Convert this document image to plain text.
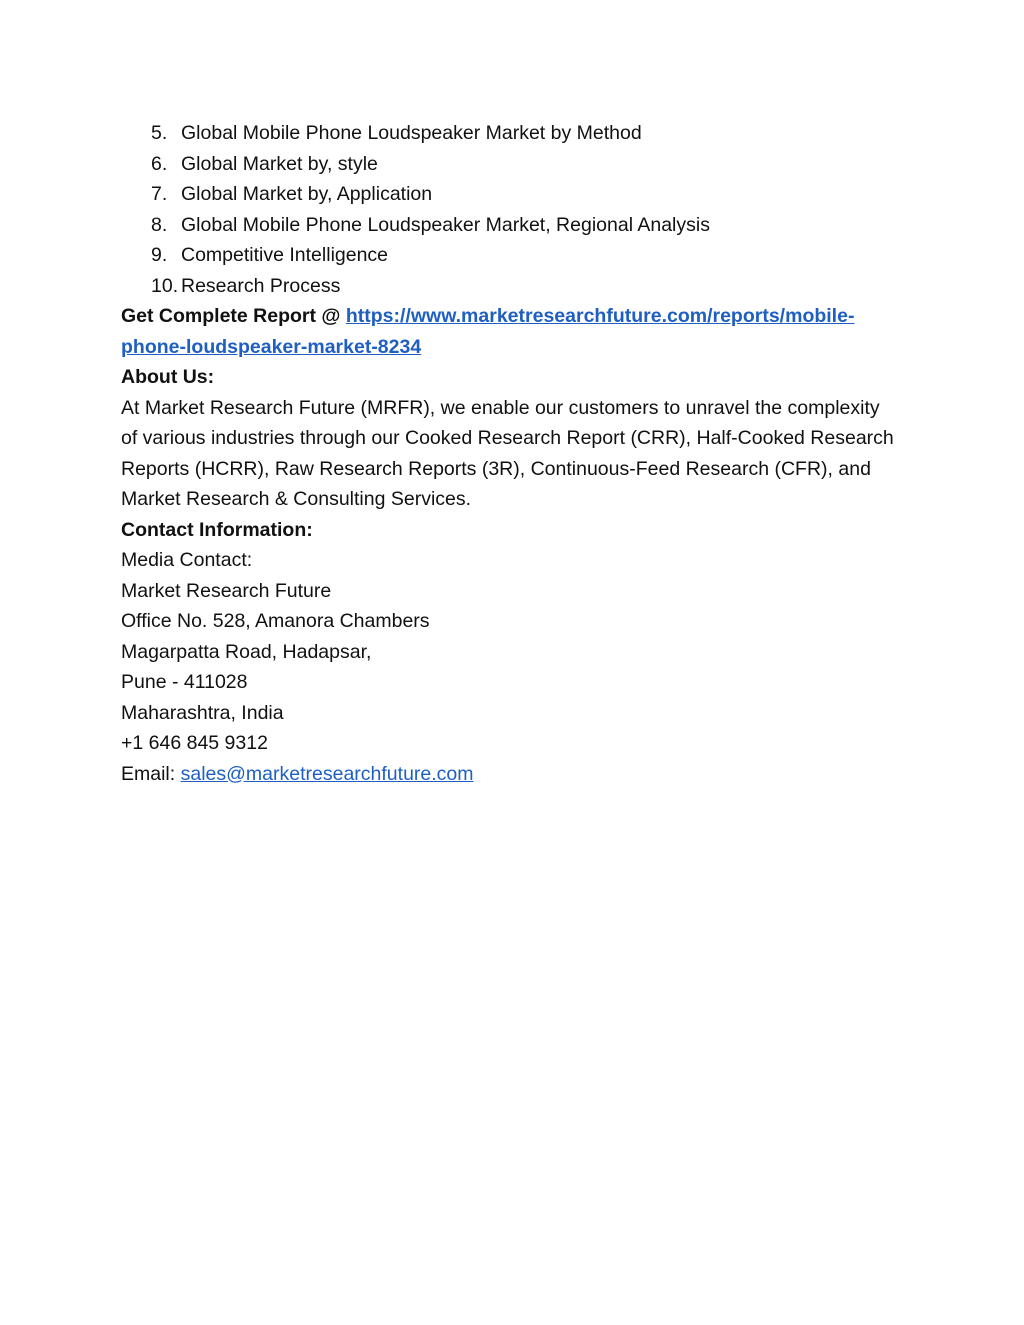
5. Global Mobile Phone Loudspeaker Market by Method
6. Global Market by, style
7. Global Market by, Application
8. Global Mobile Phone Loudspeaker Market, Regional Analysis
9. Competitive Intelligence
10. Research Process
Get Complete Report @ https://www.marketresearchfuture.com/reports/mobile-
phone-loudspeaker-market-8234
About Us:
At Market Research Future (MRFR), we enable our customers to unravel the complexity
of various industries through our Cooked Research Report (CRR), Half-Cooked Research
Reports (HCRR), Raw Research Reports (3R), Continuous-Feed Research (CFR), and
Market Research & Consulting Services.
Contact Information:
Media Contact:
Market Research Future
Office No. 528, Amanora Chambers
Magarpatta Road, Hadapsar,
Pune - 411028
Maharashtra, India
+1 646 845 9312
Email: sales@marketresearchfuture.com
